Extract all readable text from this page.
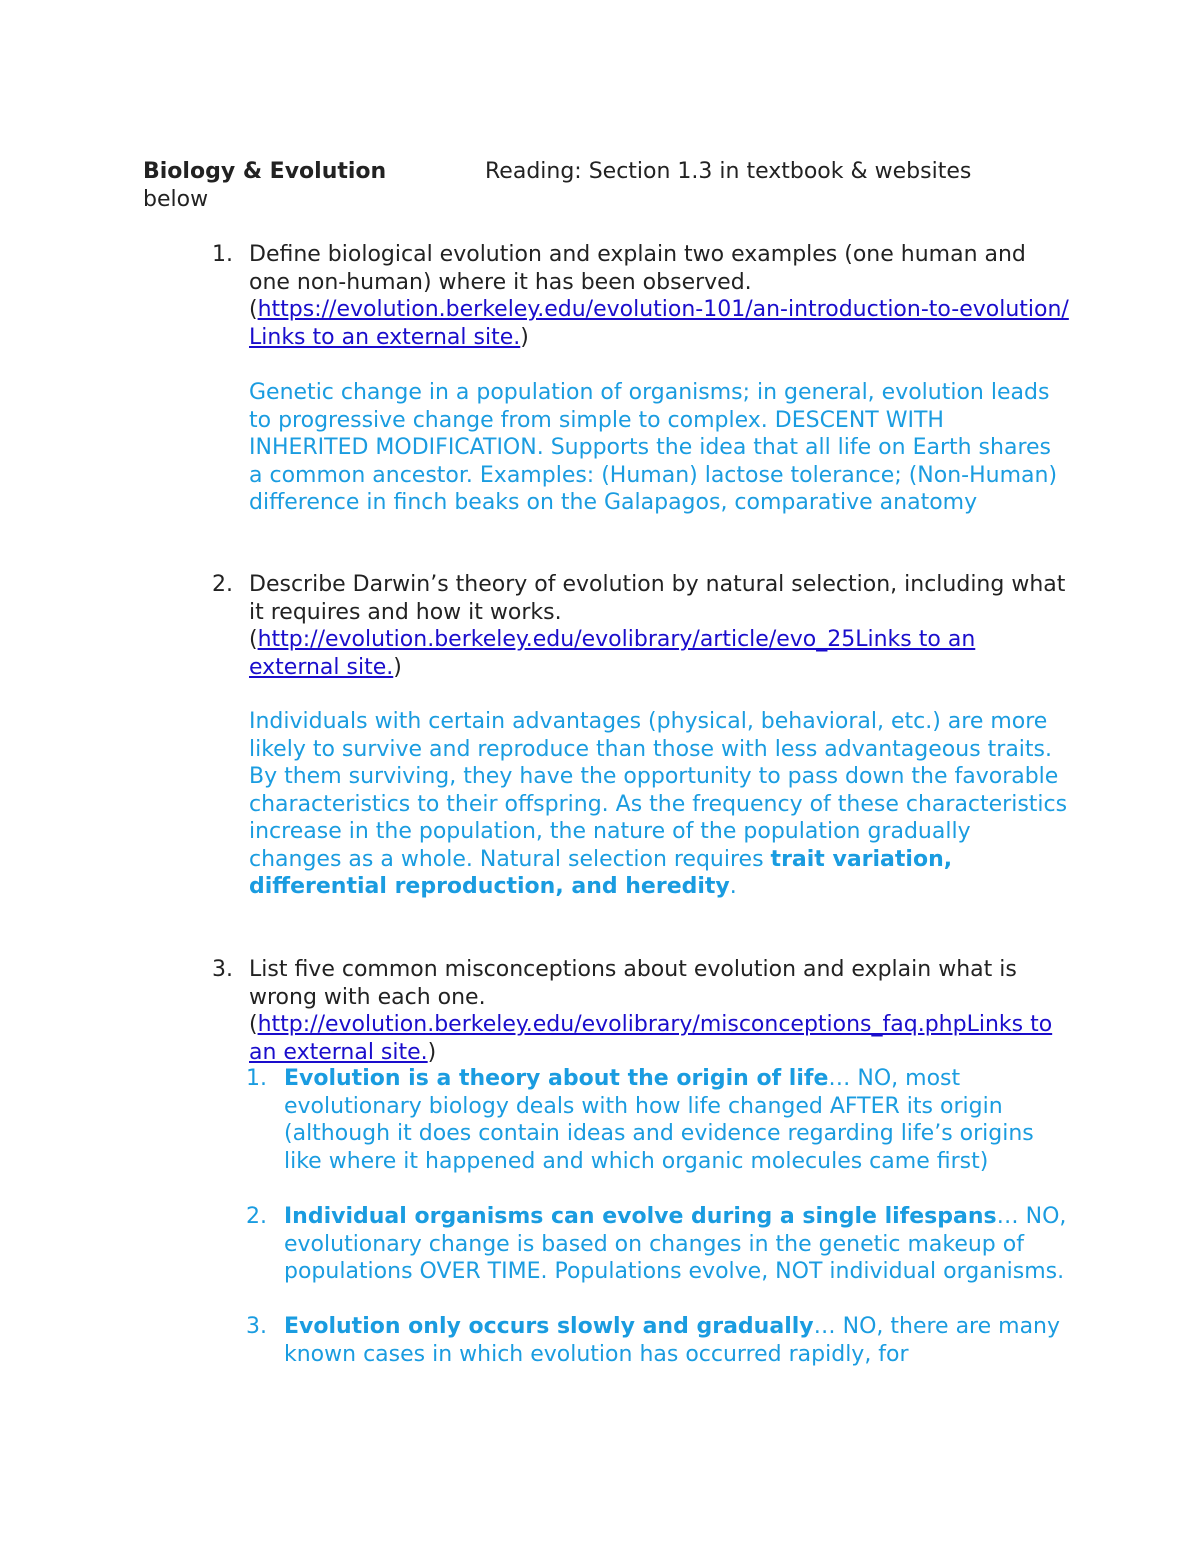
Biology & Evolution	Reading: Section 1.3 in textbook & websites
below
1. Define biological evolution and explain two examples (one human and one non-human) where it has been observed.
(https://evolution.berkeley.edu/evolution-101/an-introduction-to-evolution/Links to an external site.)
Genetic change in a population of organisms; in general, evolution leads to progressive change from simple to complex. DESCENT WITH INHERITED MODIFICATION. Supports the idea that all life on Earth shares a common ancestor. Examples: (Human) lactose tolerance; (Non-Human) difference in finch beaks on the Galapagos, comparative anatomy
2. Describe Darwin’s theory of evolution by natural selection, including what it requires and how it works.
(http://evolution.berkeley.edu/evolibrary/article/evo_25Links to an external site.)
Individuals with certain advantages (physical, behavioral, etc.) are more likely to survive and reproduce than those with less advantageous traits. By them surviving, they have the opportunity to pass down the favorable characteristics to their offspring. As the frequency of these characteristics increase in the population, the nature of the population gradually changes as a whole. Natural selection requires trait variation, differential reproduction, and heredity.
3. List five common misconceptions about evolution and explain what is wrong with each one.
(http://evolution.berkeley.edu/evolibrary/misconceptions_faq.phpLinks to an external site.)
1. Evolution is a theory about the origin of life… NO, most evolutionary biology deals with how life changed AFTER its origin (although it does contain ideas and evidence regarding life’s origins like where it happened and which organic molecules came first)
2. Individual organisms can evolve during a single lifespans… NO, evolutionary change is based on changes in the genetic makeup of populations OVER TIME. Populations evolve, NOT individual organisms.
3. Evolution only occurs slowly and gradually… NO, there are many known cases in which evolution has occurred rapidly, for
